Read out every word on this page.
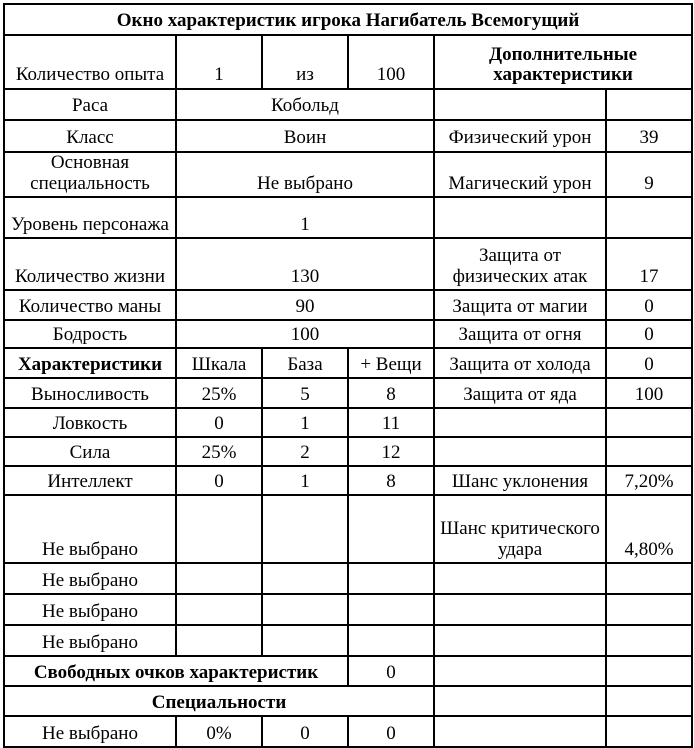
Окно характеристик игрока Нагибатель Всемогущий					
Количество опыта	1	из	100	Дополнительные характеристики	
Раса	Кобольд				
Класс	Воин			Физический урон	39
Основная специальность	Не выбрано			Магический урон	9
Уровень персонажа	1				
Количество жизни	130			Защита от физических атак	17
Количество маны	90			Защита от магии	0
Бодрость	100			Защита от огня	0
Характеристики	Шкала	База	+ Вещи	Защита от холода	0
Выносливость	25%	5	8	Защита от яда	100
Ловкость	0	1	11		
Сила	25%	2	12		
Интеллект	0	1	8	Шанс уклонения	7,20%
Не выбрано				Шанс критического удара	4,80%
Не выбрано					
Не выбрано					
Не выбрано					
Свободных очков характеристик			0		
Специальности					
Не выбрано	0%	0	0		
